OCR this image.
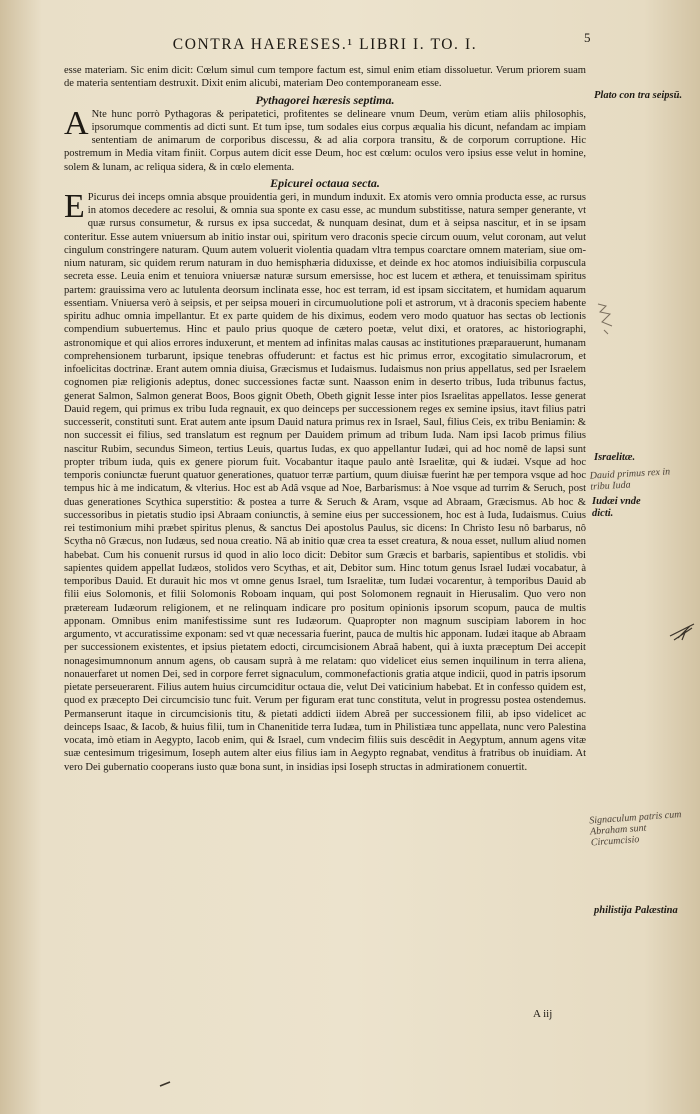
CONTRA HAERESES.¹ LIBRI I. TO. I.	5

esse materiam. Sic enim dicit: Cœlum simul cum tempore factum est, simul enim etiam dissoluetur. Verum priorem suam de materia sententiam destruxit. Dixit enim alicubi, materiam Deo contemporaneam esse.

Pythagorei hæresis septima.

A Nte hunc porrò Pythagoras & peripatetici, profitentes se delineare vnum Deum, verùm etiam aliis philosophis, ipsorumque commentis ad dicti sunt. Et tum ipse, tum sodales eius corpus æqualia his dicunt, nefandam ac impiam sententiam de animarum de corporibus discessu, & ad alia corpora transitu, & de corporum corruptione. Hic postremum in Media vitam finiit. Corpus autem dicit esse Deum, hoc est cœlum: oculos vero ipsius esse velut in homine, solem & lunam, ac reliqua sidera, & in cœlo elementa.

Epicurei octaua secta.

E Picurus dei inceps omnia absque prouidentia geri, in mundum induxit. Ex atomis vero omnia producta esse, ac rursus in atomos decedere ac resolui, & omnia sua sponte ex casu esse, ac mundum substitisse, natura semper generante, vt quæ rursus consumetur, & rursus ex ipsa succedat, & nunquam desinat, dum et à seipsa nascitur, et in se ipsam conteritur. Esse autem vniuersum ab initio instar oui, spiritum vero draconis specie circum ouum, velut coronam, aut velut cingulum constringere naturam. Quum autem voluerit violentia quadam vltra tempus coarctare omnem materiam, siue omnium naturam, sic quidem rerum naturam in duo hemisphæria diduxisse, et deinde ex hoc atomos indiuisibilia corpuscula secreta esse. Leuia enim et tenuiora vniuersæ naturæ sursum emersisse, hoc est lucem et æthera, et tenuissimam spiritus partem: grauissima vero ac lutulenta deorsum inclinata esse, hoc est terram, id est ipsam siccitatem, et humidam aquarum essentiam. Vniuersa verò à seipsis, et per seipsa moueri in circumuolutione poli et astrorum, vt à draconis speciem habente spiritu adhuc omnia impellantur. Et ex parte quidem de his diximus, eodem vero modo quatuor has sectas ob lectionis compendium subuertemus. Hinc et paulo prius quoque de cætero poetæ, velut dixi, et oratores, ac historiographi, astronomique et qui alios errores induxerunt, et mentem ad infinitas malas causas ac institutiones præparauerunt, humanam comprehensionem turbarunt, ipsique tenebras offuderunt: et factus est hic primus error, excogitatio simulacrorum, et infoelicitas doctrinæ. Erant autem omnia diuisa, Græcismus et Iudaismus. Iudaismus non prius appellatus, sed per Israelem cognomen piæ religionis adeptus, donec successiones factæ sunt. Naasson enim in deserto tribus, Iuda tribunus factus, generat Salmon, Salmon generat Boos, Boos gignit Obeth, Obeth gignit Iesse inter pios Israelitas appellatos. Iesse generat Dauid regem, qui primus ex tribu Iuda regnauit, ex quo deinceps per successionem reges ex semine ipsius, itavt filius patri successerit, constituti sunt. Erat autem ante ipsum Dauid natura primus rex in Israel, Saul, filius Ceis, ex tribu Beniamin: & non successit ei filius, sed translatum est regnum per Dauidem primum ad tribum Iuda. Nam ipsi Iacob primus filius nascitur Rubim, secundus Simeon, tertius Leuis, quartus Iudas, ex quo appellantur Iudæi, qui ad hoc nomê de lapsi sunt propter tribum iuda, quis ex genere piorum fuit. Vocabantur itaque paulo antè Israelitæ, qui & iudæi. Vsque ad hoc temporis coniunctæ fuerunt quatuor generationes, quatuor terræ partium, quum diuisæ fuerint hæ per tempora vsque ad hoc tempus hic à me indicatum, & vlterius. Hoc est ab Adâ vsque ad Noe, Barbarismus: à Noe vsque ad turrim & Seruch, post duas generationes Scythica superstitio: & postea a turre & Seruch & Aram, vsque ad Abraam, Græcismus. Ab hoc & successoribus in pietatis studio ipsi Abraam coniunctis, à semine eius per successionem, hoc est à Iuda, Iudaismus. Cuius rei testimonium mihi præbet spiritus plenus, & sanctus Dei apostolus Paulus, sic dicens: In Christo Iesu nô barbarus, nô Scytha nô Græcus, non Iudæus, sed noua creatio. Nã ab initio quæ crea ta esset creatura, & noua esset, nullum aliud nomen habebat. Cum his conuenit rursus id quod in alio loco dicit: Debitor sum Græcis et barbaris, sapientibus et stolidis. vbi sapientes quidem appellat Iudæos, stolidos vero Scythas, et ait, Debitor sum. Hinc totum genus Israel Iudæi vocabatur, à temporibus Dauid. Et durauit hic mos vt omne genus Israel, tum Israelitæ, tum Iudæi vocarentur, à temporibus Dauid ab filii eius Solomonis, et filii Solomonis Roboam inquam, qui post Solomonem regnauit in Hierusalim. Quo vero non præteream Iudæorum religionem, et ne relinquam indicare pro positum opinionis ipsorum scopum, pauca de multis apponam. Omnibus enim manifestissime sunt res Iudæorum. Quapropter non magnum suscipiam laborem in hoc argumento, vt accuratissime exponam: sed vt quæ necessaria fuerint, pauca de multis hic apponam. Iudæi itaque ab Abraam per successionem existentes, et ipsius pietatem edocti, circumcisionem Abraã habent, qui à iuxta præceptum Dei accepit nonagesimumnonum annum agens, ob causam suprà à me relatam: quo videlicet eius semen inquilinum in terra aliena, nonauerfaret ut nomen Dei, sed in corpore ferret signaculum, commonefactionis gratia atque indicii, quod in patris ipsorum pietate perseuerarent. Filius autem huius circumciditur octaua die, velut Dei vaticinium habebat. Et in confesso quidem est, quod ex præcepto Dei circumcisio tunc fuit. Verum per figuram erat tunc constituta, velut in progressu postea ostendemus. Permanserunt itaque in circumcisionis titu, & pietati addicti iidem Abreã per successionem filii, ab ipso videlicet ac deinceps Isaac, & Iacob, & huius filii, tum in Chanenitide terra Iudæa, tum in Philistiæa tunc appellata, nunc vero Palestina vocata, imò etiam in Aegypto, Iacob enim, qui & Israel, cum vndecim filiis suis descêdit in Aegyptum, annum agens vitæ suæ centesimum trigesimum, Ioseph autem alter eius filius iam in Aegypto regnabat, venditus à fratribus ob inuidiam. At vero Dei gubernatio cooperans iusto quæ bona sunt, in insidias ipsi Ioseph structas in admirationem conuertit.

A iij
Plato con tra seipsū.
Israelitæ.
Dauid primus rex in tribu Iuda
Iudæi vnde dicti.
Signaculum patris cum Abraham sunt Circumcisio
philistija Palæstina
